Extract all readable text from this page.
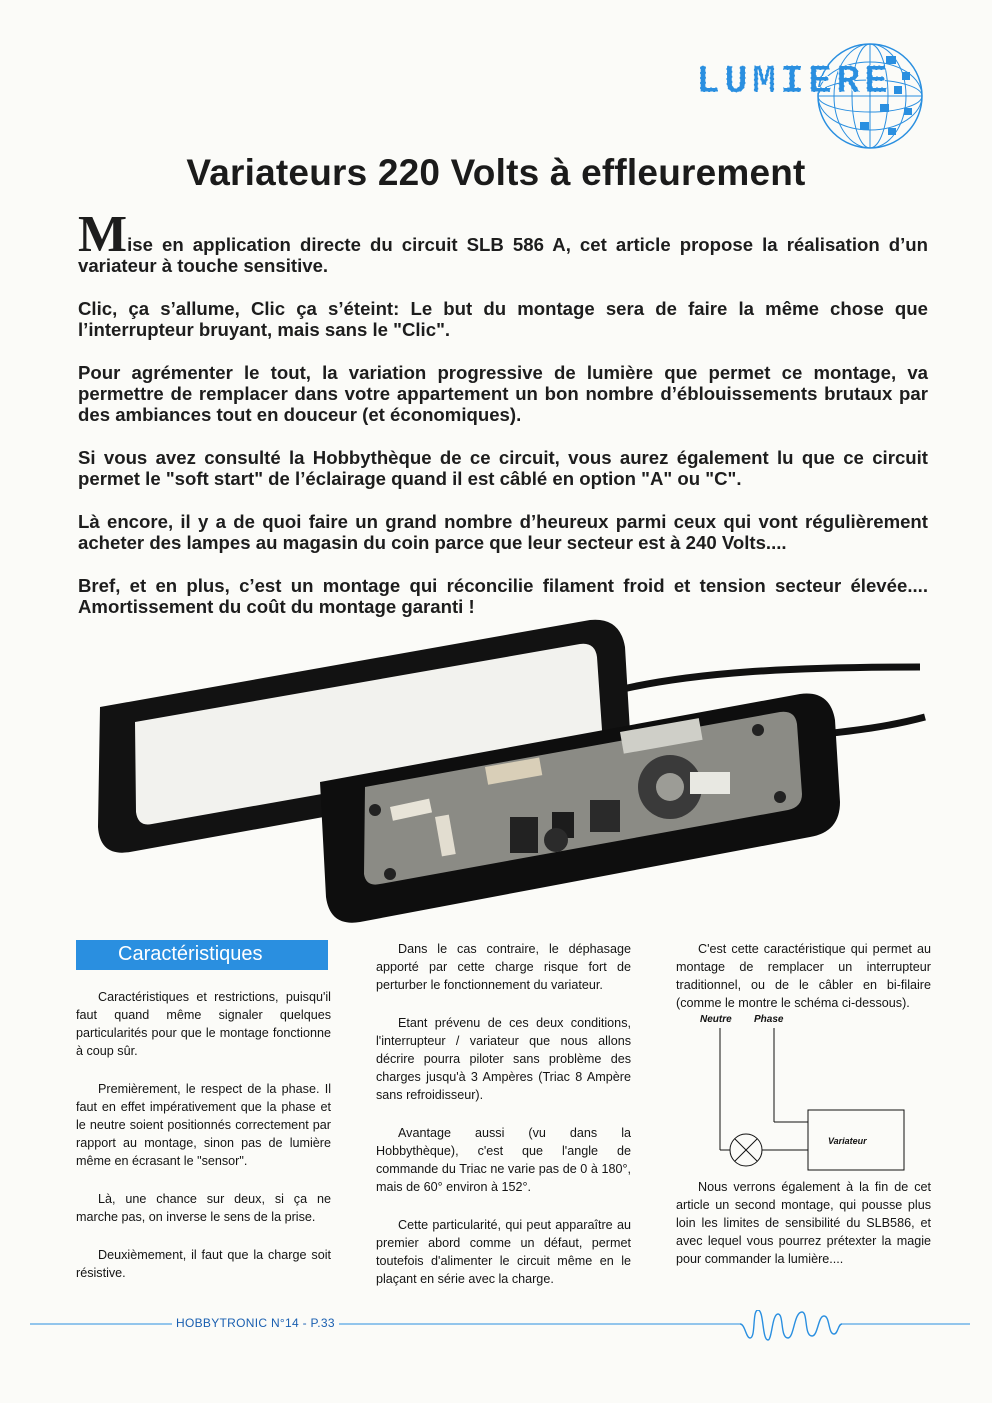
LUMIERE
Variateurs 220 Volts à effleurement

Mise en application directe du circuit SLB 586 A, cet article propose la réalisation d’un variateur à touche sensitive.

Clic, ça s’allume, Clic ça s’éteint: Le but du montage sera de faire la même chose que l’interrupteur bruyant, mais sans le "Clic".

Pour agrémenter le tout, la variation progressive de lumière que permet ce montage, va permettre de remplacer dans votre appartement un bon nombre d’éblouissements brutaux par des ambiances tout en douceur (et économiques).

Si vous avez consulté la Hobbythèque de ce circuit, vous aurez également lu que ce circuit permet le "soft start" de l’éclairage quand il est câblé en option "A" ou "C".

Là encore, il y a de quoi faire un grand nombre d’heureux parmi ceux qui vont régulièrement acheter des lampes au magasin du coin parce que leur secteur est à 240 Volts....

Bref, et en plus, c’est un montage qui réconcilie filament froid et tension secteur élevée.... Amortissement du coût du montage garanti !

Caractéristiques

Caractéristiques et restrictions, puisqu'il faut quand même signaler quelques particularités pour que le montage fonctionne à coup sûr.

Premièrement, le respect de la phase. Il faut en effet impérativement que la phase et le neutre soient positionnés correctement par rapport au montage, sinon pas de lumière même en écrasant le "sensor".

Là, une chance sur deux, si ça ne marche pas, on inverse le sens de la prise.

Deuxièmement, il faut que la charge soit résistive.

Dans le cas contraire, le déphasage apporté par cette charge risque fort de perturber le fonctionnement du variateur.

Etant prévenu de ces deux conditions, l'interrupteur / variateur que nous allons décrire pourra piloter sans problème des charges jusqu'à 3 Ampères (Triac 8 Ampère sans refroidisseur).

Avantage aussi (vu dans la Hobbythèque), c'est que l'angle de commande du Triac ne varie pas de 0 à 180°, mais de 60° environ à 152°.

Cette particularité, qui peut apparaître au premier abord comme un défaut, permet toutefois d'alimenter le circuit même en le plaçant en série avec la charge.

C'est cette caractéristique qui permet au montage de remplacer un interrupteur traditionnel, ou de le câbler en bi-filaire (comme le montre le schéma ci-dessous).

Nous verrons également à la fin de cet article un second montage, qui pousse plus loin les limites de sensibilité du SLB586, et avec lequel vous pourrez prétexter la magie pour commander la lumière....

Neutre Phase
Variateur
HOBBYTRONIC N°14 - P.33
